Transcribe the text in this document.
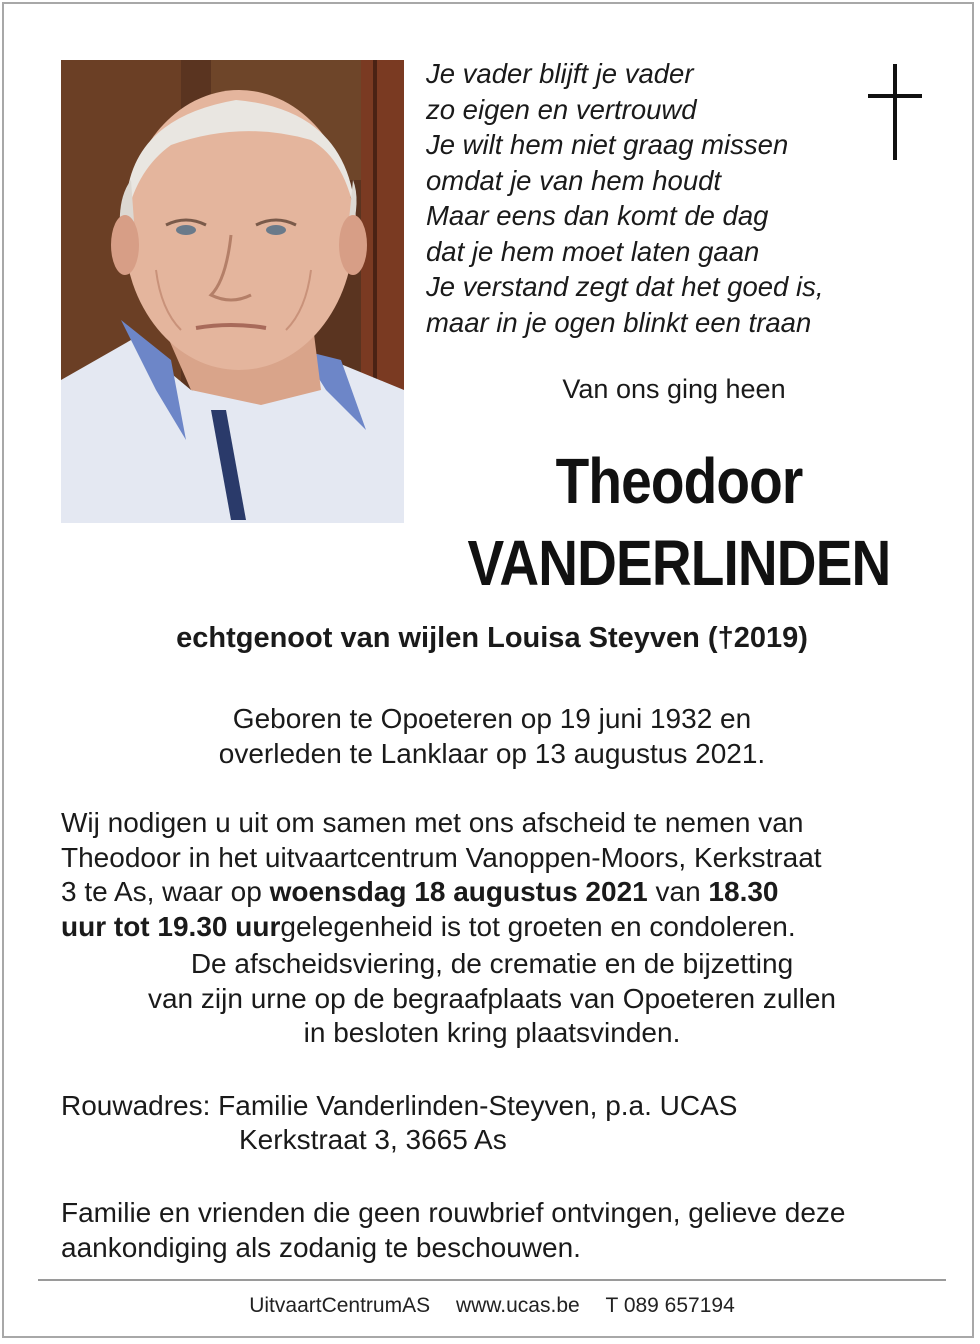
Je vader blijft je vader
zo eigen en vertrouwd
Je wilt hem niet graag missen
omdat je van hem houdt
Maar eens dan komt de dag
dat je hem moet laten gaan
Je verstand zegt dat het goed is,
maar in je ogen blinkt een traan
Van ons ging heen
Theodoor
VANDERLINDEN
echtgenoot van wijlen Louisa Steyven (†2019)
Geboren te Opoeteren op 19 juni 1932 en
overleden te Lanklaar op 13 augustus 2021.
Wij nodigen u uit om samen met ons afscheid te nemen van
Theodoor in het uitvaartcentrum Vanoppen-Moors, Kerkstraat
3 te As, waar op woensdag 18 augustus 2021 van 18.30
uur tot 19.30 uurgelegenheid is tot groeten en condoleren.
De afscheidsviering, de crematie en de bijzetting
van zijn urne op de begraafplaats van Opoeteren zullen
in besloten kring plaatsvinden.
Rouwadres: Familie Vanderlinden-Steyven, p.a. UCAS
Kerkstraat 3, 3665 As
Familie en vrienden die geen rouwbrief ontvingen, gelieve deze
aankondiging als zodanig te beschouwen.
UitvaartCentrumAS www.ucas.be T 089 657194
